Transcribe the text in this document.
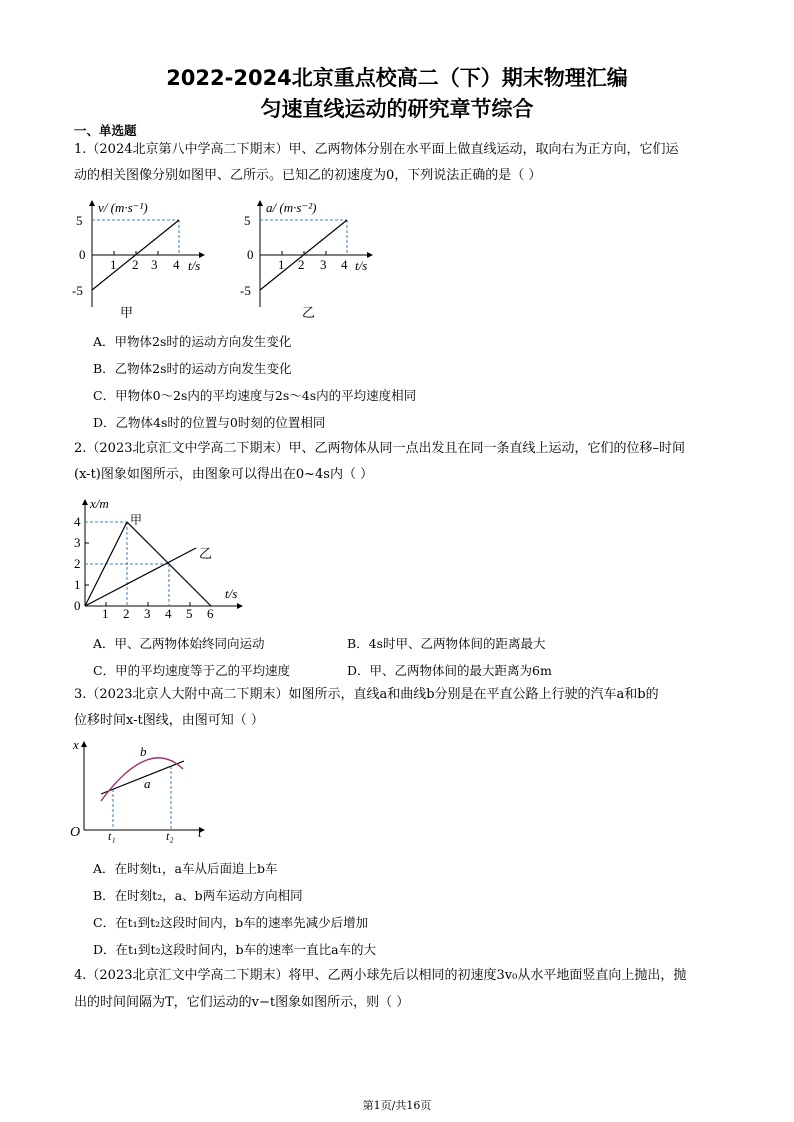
2022-2024北京重点校高二（下）期末物理汇编
匀速直线运动的研究章节综合
一、单选题
1.（2024北京第八中学高二下期末）甲、乙两物体分别在水平面上做直线运动，取向右为正方向，它们运
动的相关图像分别如图甲、乙所示。已知乙的初速度为0，下列说法正确的是（ ）
v/ (m·s⁻¹)
5
0
-5
1 2 3 4 t/s
甲
a/ (m·s⁻²)
5
0
-5
1 2 3 4 t/s
乙
A．甲物体2s时的运动方向发生变化
B．乙物体2s时的运动方向发生变化
C．甲物体0～2s内的平均速度与2s～4s内的平均速度相同
D．乙物体4s时的位置与0时刻的位置相同
2.（2023北京汇文中学高二下期末）甲、乙两物体从同一点出发且在同一条直线上运动，它们的位移–时间
(x-t)图象如图所示，由图象可以得出在0~4s内（ ）
x/m
4
3
2
1
0
1 2 3 4 5 6
t/s
甲
乙
A．甲、乙两物体始终同向运动	B．4s时甲、乙两物体间的距离最大
C．甲的平均速度等于乙的平均速度	D．甲、乙两物体间的最大距离为6m
3.（2023北京人大附中高二下期末）如图所示，直线a和曲线b分别是在平直公路上行驶的汽车a和b的
位移时间x-t图线，由图可知（ ）
x
O	t
b
a
t₁	t₂
A．在时刻t₁，a车从后面追上b车
B．在时刻t₂，a、b两车运动方向相同
C．在t₁到t₂这段时间内，b车的速率先减少后增加
D．在t₁到t₂这段时间内，b车的速率一直比a车的大
4.（2023北京汇文中学高二下期末）将甲、乙两小球先后以相同的初速度3v₀从水平地面竖直向上抛出，抛
出的时间间隔为T，它们运动的v−t图象如图所示，则（ ）
第1页/共16页
